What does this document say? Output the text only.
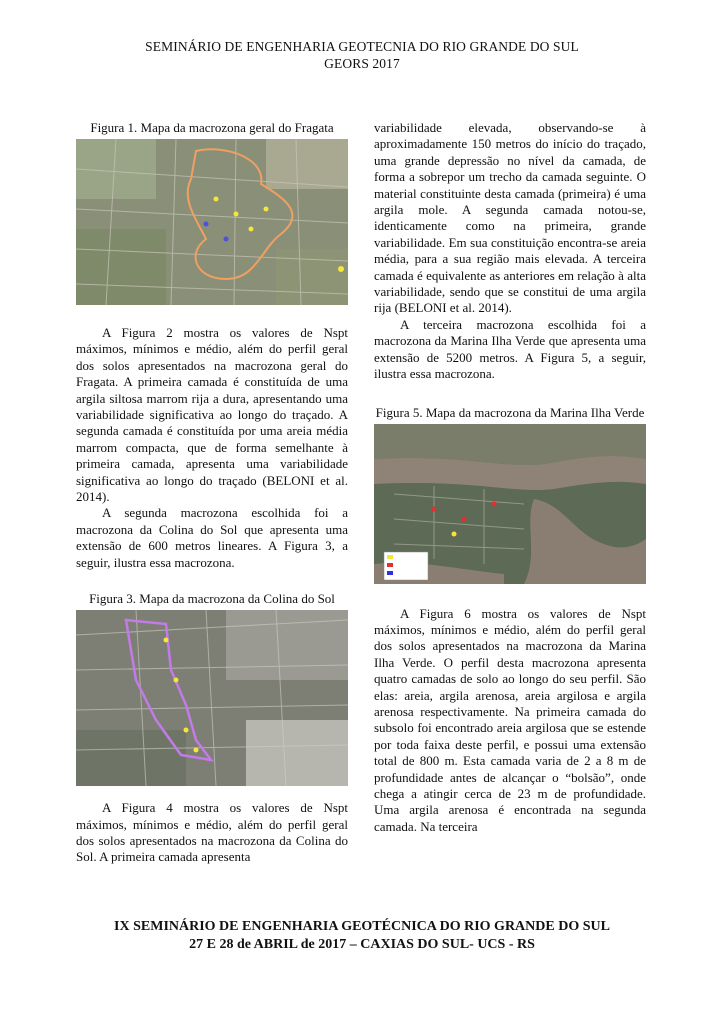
SEMINÁRIO DE ENGENHARIA GEOTECNIA DO RIO GRANDE DO SUL
GEORS 2017

Figura 1. Mapa da macrozona geral do Fragata

A Figura 2 mostra os valores de Nspt máximos, mínimos e médio, além do perfil geral dos solos apresentados na macrozona geral do Fragata. A primeira camada é constituída de uma argila siltosa marrom rija a dura, apresentando uma variabilidade significativa ao longo do traçado. A segunda camada é constituída por uma areia média marrom compacta, que de forma semelhante à primeira camada, apresenta uma variabilidade significativa ao longo do traçado (BELONI et al. 2014).

A segunda macrozona escolhida foi a macrozona da Colina do Sol que apresenta uma extensão de 600 metros lineares. A Figura 3, a seguir, ilustra essa macrozona.

Figura 3. Mapa da macrozona da Colina do Sol

A Figura 4 mostra os valores de Nspt máximos, mínimos e médio, além do perfil geral dos solos apresentados na macrozona da Colina do Sol. A primeira camada apresenta

variabilidade elevada, observando-se à aproximadamente 150 metros do início do traçado, uma grande depressão no nível da camada, de forma a sobrepor um trecho da camada seguinte. O material constituinte desta camada (primeira) é uma argila mole. A segunda camada notou-se, identicamente como na primeira, grande variabilidade. Em sua constituição encontra-se areia média, para a sua região mais elevada. A terceira camada é equivalente as anteriores em relação à alta variabilidade, sendo que se constitui de uma argila rija (BELONI et al. 2014).

A terceira macrozona escolhida foi a macrozona da Marina Ilha Verde que apresenta uma extensão de 5200 metros. A Figura 5, a seguir, ilustra essa macrozona.

Figura 5. Mapa da macrozona da Marina Ilha Verde

A Figura 6 mostra os valores de Nspt máximos, mínimos e médio, além do perfil geral dos solos apresentados na macrozona da Marina Ilha Verde. O perfil desta macrozona apresenta quatro camadas de solo ao longo do seu perfil. São elas: areia, argila arenosa, areia argilosa e argila arenosa respectivamente. Na primeira camada do subsolo foi encontrado areia argilosa que se estende por toda faixa deste perfil, e possui uma extensão total de 800 m. Esta camada varia de 2 a 8 m de profundidade antes de alcançar o “bolsão”, onde chega a atingir cerca de 23 m de profundidade. Uma argila arenosa é encontrada na segunda camada. Na terceira

IX SEMINÁRIO DE ENGENHARIA GEOTÉCNICA DO RIO GRANDE DO SUL
27 E 28 de ABRIL de 2017 – CAXIAS DO SUL- UCS - RS
